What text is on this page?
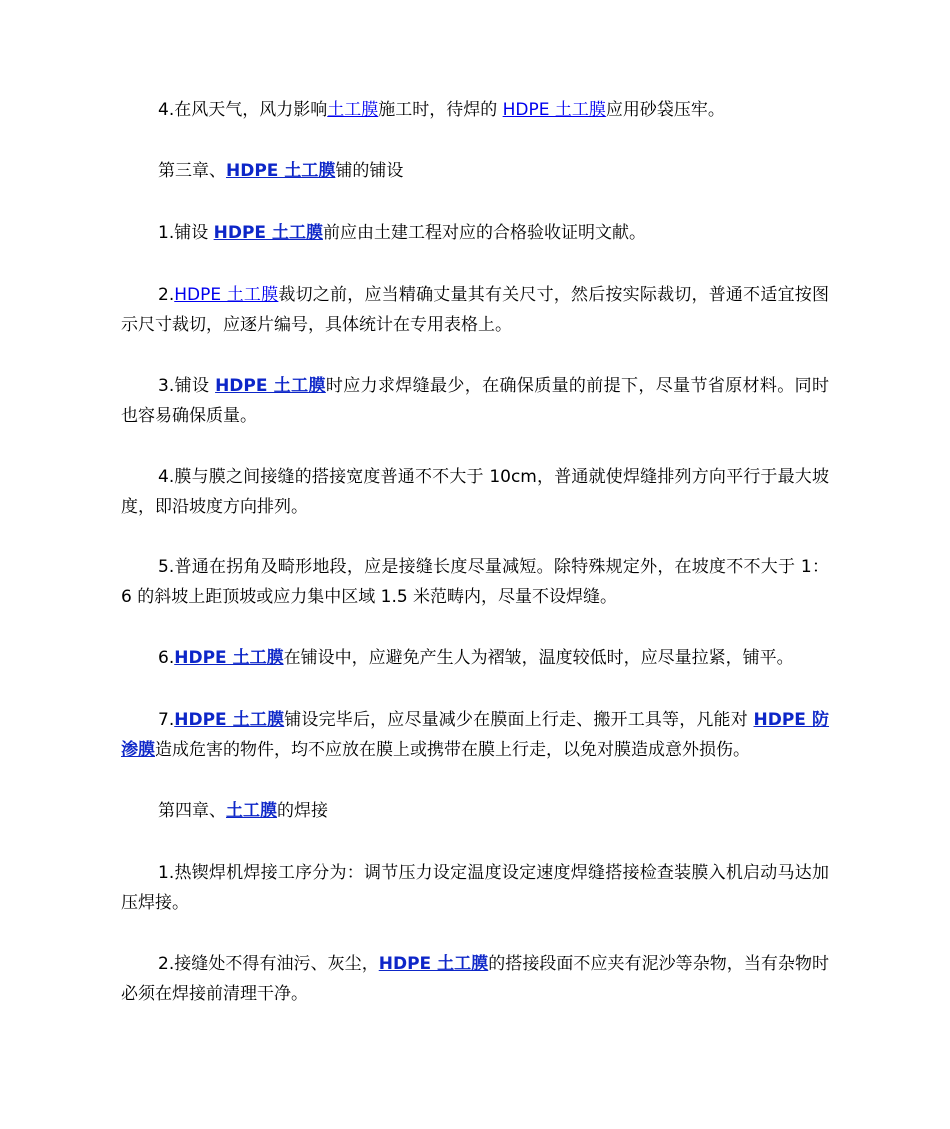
4.在风天气，风力影响土工膜施工时，待焊的 HDPE 土工膜应用砂袋压牢。

第三章、HDPE 土工膜铺的铺设

1.铺设 HDPE 土工膜前应由土建工程对应的合格验收证明文献。

2.HDPE 土工膜裁切之前，应当精确丈量其有关尺寸，然后按实际裁切，普通不适宜按图示尺寸裁切，应逐片编号，具体统计在专用表格上。

3.铺设 HDPE 土工膜时应力求焊缝最少，在确保质量的前提下，尽量节省原材料。同时也容易确保质量。

4.膜与膜之间接缝的搭接宽度普通不不大于 10cm，普通就使焊缝排列方向平行于最大坡度，即沿坡度方向排列。

5.普通在拐角及畸形地段，应是接缝长度尽量减短。除特殊规定外，在坡度不不大于 1：6 的斜坡上距顶坡或应力集中区域 1.5 米范畴内，尽量不设焊缝。

6.HDPE 土工膜在铺设中，应避免产生人为褶皱，温度较低时，应尽量拉紧，铺平。

7.HDPE 土工膜铺设完毕后，应尽量减少在膜面上行走、搬开工具等，凡能对 HDPE 防渗膜造成危害的物件，均不应放在膜上或携带在膜上行走，以免对膜造成意外损伤。

第四章、土工膜的焊接

1.热锲焊机焊接工序分为：调节压力设定温度设定速度焊缝搭接检查装膜入机启动马达加压焊接。

2.接缝处不得有油污、灰尘，HDPE 土工膜的搭接段面不应夹有泥沙等杂物，当有杂物时必须在焊接前清理干净。
